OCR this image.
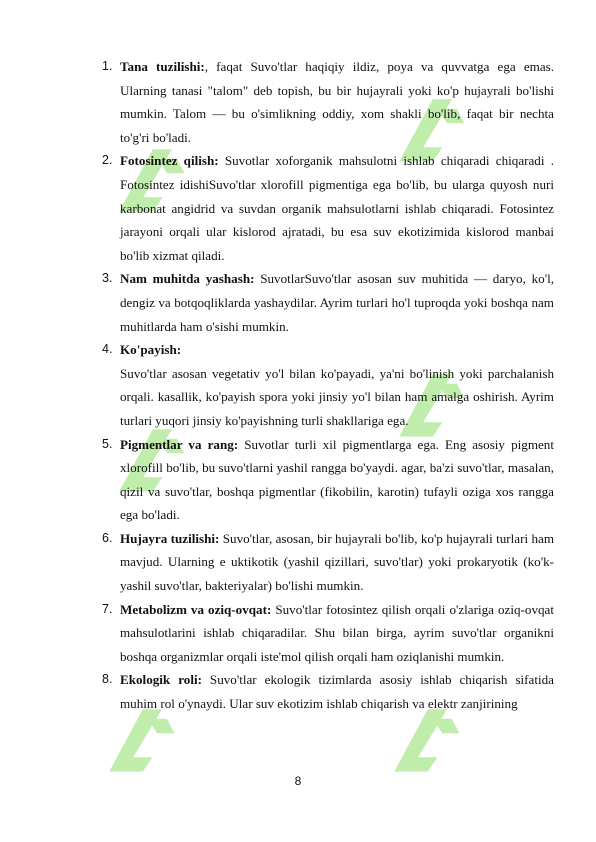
1. Tana tuzilishi:, faqat Suvo'tlar haqiqiy ildiz, poya va quvvatga ega emas. Ularning tanasi "talom" deb topish, bu bir hujayrali yoki ko'p hujayrali bo'lishi mumkin. Talom — bu o'simlikning oddiy, xom shakli bo'lib, faqat bir nechta to'g'ri bo'ladi.
2. Fotosintez qilish: Suvotlar xoforganik mahsulotni ishlab chiqaradi chiqaradi . Fotosintez idishiSuvo'tlar xlorofill pigmentiga ega bo'lib, bu ularga quyosh nuri karbonat angidrid va suvdan organik mahsulotlarni ishlab chiqaradi. Fotosintez jarayoni orqali ular kislorod ajratadi, bu esa suv ekotizimida kislorod manbai bo'lib xizmat qiladi.
3. Nam muhitda yashash: SuvotlarSuvo'tlar asosan suv muhitida — daryo, ko'l, dengiz va botqoqliklarda yashaydilar. Ayrim turlari ho'l tuproqda yoki boshqa nam muhitlarda ham o'sishi mumkin.
4. Ko'payish:
Suvo'tlar asosan vegetativ yo'l bilan ko'payadi, ya'ni bo'linish yoki parchalanish orqali. kasallik, ko'payish spora yoki jinsiy yo'l bilan ham amalga oshirish. Ayrim turlari yuqori jinsiy ko'payishning turli shakllariga ega.
5. Pigmentlar va rang: Suvotlar turli xil pigmentlarga ega. Eng asosiy pigment xlorofill bo'lib, bu suvo'tlarni yashil rangga bo'yaydi. agar, ba'zi suvo'tlar, masalan, qizil va suvo'tlar, boshqa pigmentlar (fikobilin, karotin) tufayli oziga xos rangga ega bo'ladi.
6. Hujayra tuzilishi: Suvo'tlar, asosan, bir hujayrali bo'lib, ko'p hujayrali turlari ham mavjud. Ularning e uktikotik (yashil qizillari, suvo'tlar) yoki prokaryotik (ko'k-yashil suvo'tlar, bakteriyalar) bo'lishi mumkin.
7. Metabolizm va oziq-ovqat: Suvo'tlar fotosintez qilish orqali o'zlariga oziq-ovqat mahsulotlarini ishlab chiqaradilar. Shu bilan birga, ayrim suvo'tlar organikni boshqa organizmlar orqali iste'mol qilish orqali ham oziqlanishi mumkin.
8. Ekologik roli: Suvo'tlar ekologik tizimlarda asosiy ishlab chiqarish sifatida muhim rol o'ynaydi. Ular suv ekotizim ishlab chiqarish va elektr zanjirining
8
